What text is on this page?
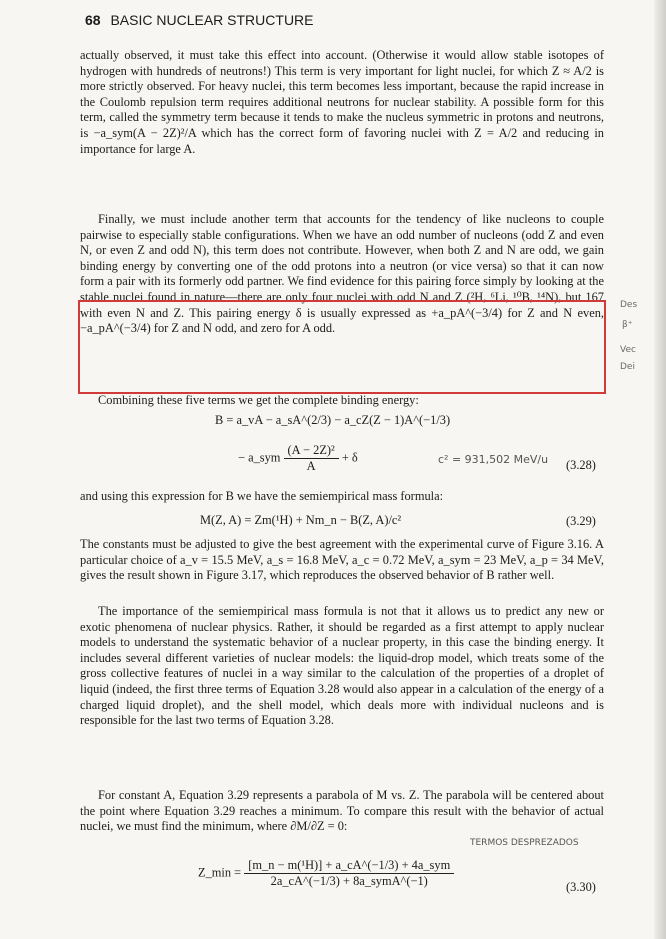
68 BASIC NUCLEAR STRUCTURE

actually observed, it must take this effect into account. (Otherwise it would allow stable isotopes of hydrogen with hundreds of neutrons!) This term is very important for light nuclei, for which Z ≈ A/2 is more strictly observed. For heavy nuclei, this term becomes less important, because the rapid increase in the Coulomb repulsion term requires additional neutrons for nuclear stability. A possible form for this term, called the symmetry term because it tends to make the nucleus symmetric in protons and neutrons, is −a_sym(A − 2Z)²/A which has the correct form of favoring nuclei with Z = A/2 and reducing in importance for large A.

Finally, we must include another term that accounts for the tendency of like nucleons to couple pairwise to especially stable configurations. When we have an odd number of nucleons (odd Z and even N, or even Z and odd N), this term does not contribute. However, when both Z and N are odd, we gain binding energy by converting one of the odd protons into a neutron (or vice versa) so that it can now form a pair with its formerly odd partner. We find evidence for this pairing force simply by looking at the stable nuclei found in nature—there are only four nuclei with odd N and Z (²H, ⁶Li, ¹⁰B, ¹⁴N), but 167 with even N and Z. This pairing energy δ is usually expressed as +a_pA^(−3/4) for Z and N even, −a_pA^(−3/4) for Z and N odd, and zero for A odd.

Combining these five terms we get the complete binding energy:

B = a_vA − a_sA^(2/3) − a_cZ(Z − 1)A^(−1/3)
− a_sym $\frac{\text{(A − 2Z)²}}{A} + \delta$	c² = 931,502 MeV/u (3.28)

and using this expression for B we have the semiempirical mass formula:

M(Z, A) = Zm(¹H) + Nm_n − B(Z, A)/c²	(3.29)

The constants must be adjusted to give the best agreement with the experimental curve of Figure 3.16. A particular choice of a_v = 15.5 MeV, a_s = 16.8 MeV, a_c = 0.72 MeV, a_sym = 23 MeV, a_p = 34 MeV, gives the result shown in Figure 3.17, which reproduces the observed behavior of B rather well.

The importance of the semiempirical mass formula is not that it allows us to predict any new or exotic phenomena of nuclear physics. Rather, it should be regarded as a first attempt to apply nuclear models to understand the systematic behavior of a nuclear property, in this case the binding energy. It includes several different varieties of nuclear models: the liquid-drop model, which treats some of the gross collective features of nuclei in a way similar to the calculation of the properties of a droplet of liquid (indeed, the first three terms of Equation 3.28 would also appear in a calculation of the energy of a charged liquid droplet), and the shell model, which deals more with individual nucleons and is responsible for the last two terms of Equation 3.28.

For constant A, Equation 3.29 represents a parabola of M vs. Z. The parabola will be centered about the point where Equation 3.29 reaches a minimum. To compare this result with the behavior of actual nuclei, we must find the minimum, where ∂M/∂Z = 0:

TERMOS DESPREZADOS
Z_min = $\frac{\text{[m\_n − m(¹H)] + a\_cA\textasciicircum{}(−1/3) + 4a\_sym}}{\text{2a\_cA\textasciicircum{}(−1/3) + 8a\_symA\textasciicircum{}(−1)}}$	(3.30)
Des
β⁺
Vec
Dei
